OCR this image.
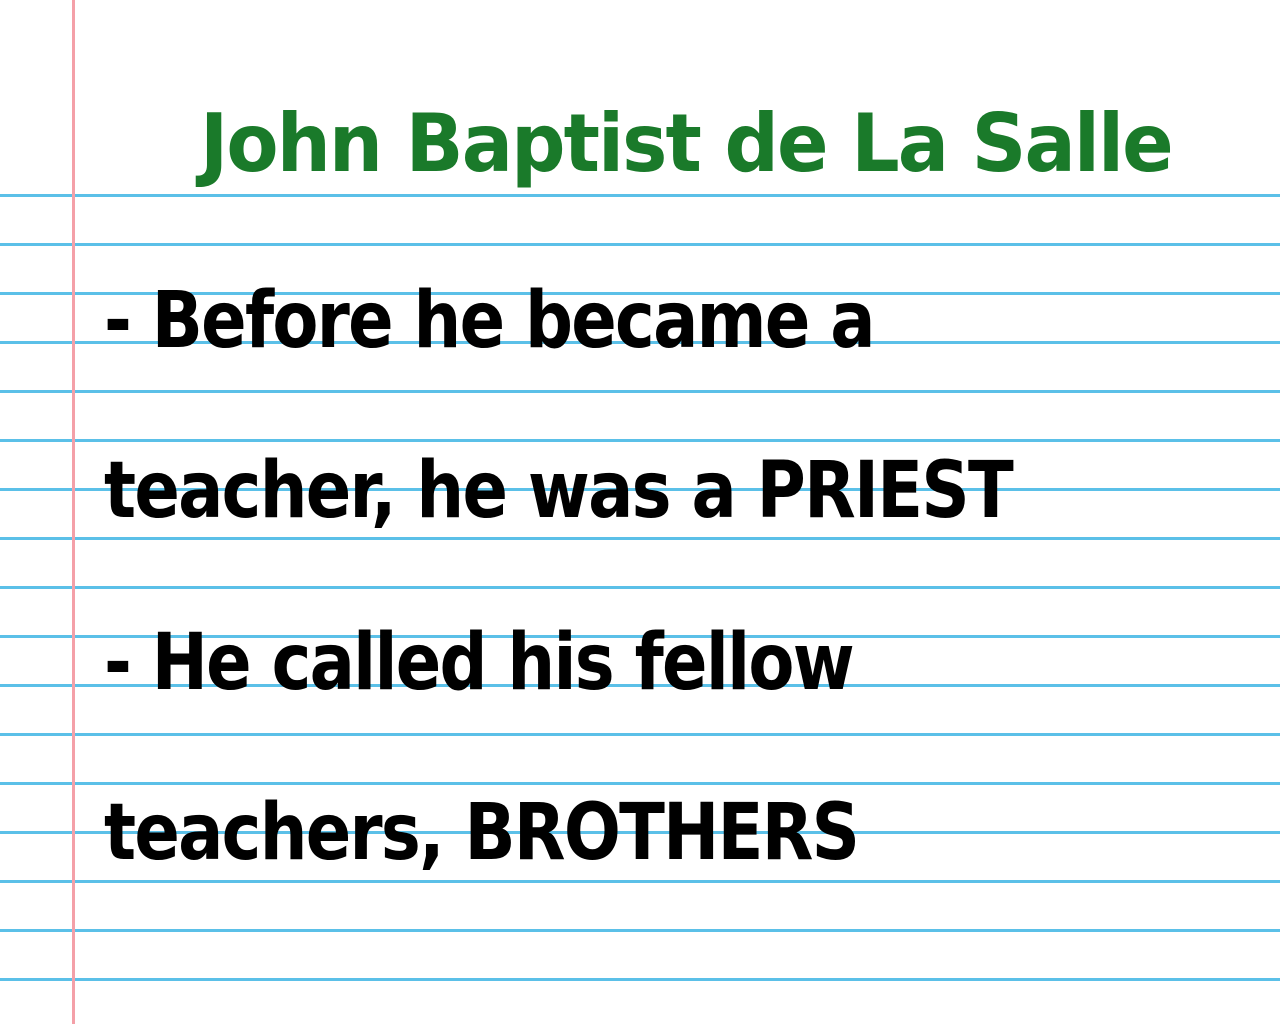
John Baptist de La Salle

- Before he became a

teacher, he was a PRIEST

- He called his fellow

teachers, BROTHERS
